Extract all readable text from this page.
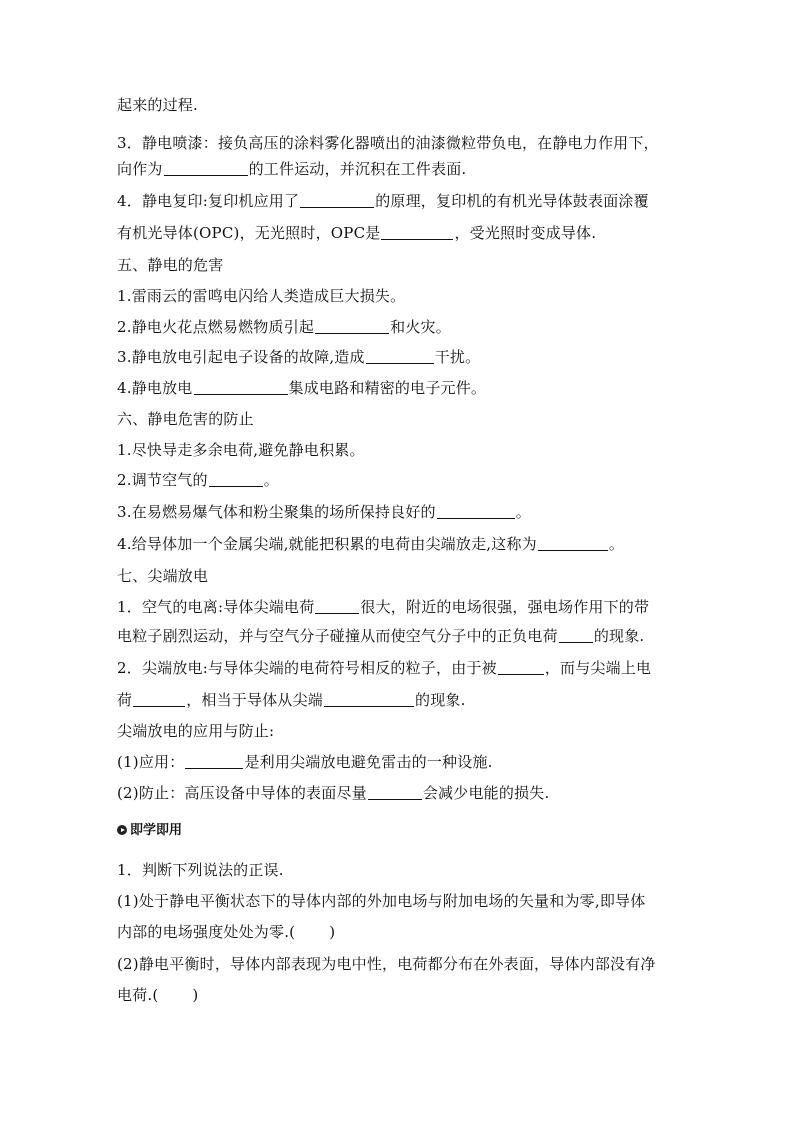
起来的过程.
3．静电喷漆：接负高压的涂料雾化器喷出的油漆微粒带负电，在静电力作用下，
向作为	的工件运动，并沉积在工件表面.
4．静电复印:复印机应用了	的原理，复印机的有机光导体鼓表面涂覆
有机光导体(OPC)，无光照时，OPC是	，受光照时变成导体.
五、静电的危害
1.雷雨云的雷鸣电闪给人类造成巨大损失。
2.静电火花点燃易燃物质引起	和火灾。
3.静电放电引起电子设备的故障,造成	干扰。
4.静电放电	集成电路和精密的电子元件。
六、静电危害的防止
1.尽快导走多余电荷,避免静电积累。
2.调节空气的	。
3.在易燃易爆气体和粉尘聚集的场所保持良好的	。
4.给导体加一个金属尖端,就能把积累的电荷由尖端放走,这称为	。
七、尖端放电
1．空气的电离:导体尖端电荷	很大，附近的电场很强，强电场作用下的带
电粒子剧烈运动，并与空气分子碰撞从而使空气分子中的正负电荷 的现象.
2．尖端放电:与导体尖端的电荷符号相反的粒子，由于被	，而与尖端上电
荷	，相当于导体从尖端	的现象.
尖端放电的应用与防止:
(1)应用：	是利用尖端放电避免雷击的一种设施.
(2)防止：高压设备中导体的表面尽量	会减少电能的损失.
即学即用
1．判断下列说法的正误.
(1)处于静电平衡状态下的导体内部的外加电场与附加电场的矢量和为零,即导体
内部的电场强度处处为零.( )
(2)静电平衡时，导体内部表现为电中性，电荷都分布在外表面，导体内部没有净
电荷.( )
